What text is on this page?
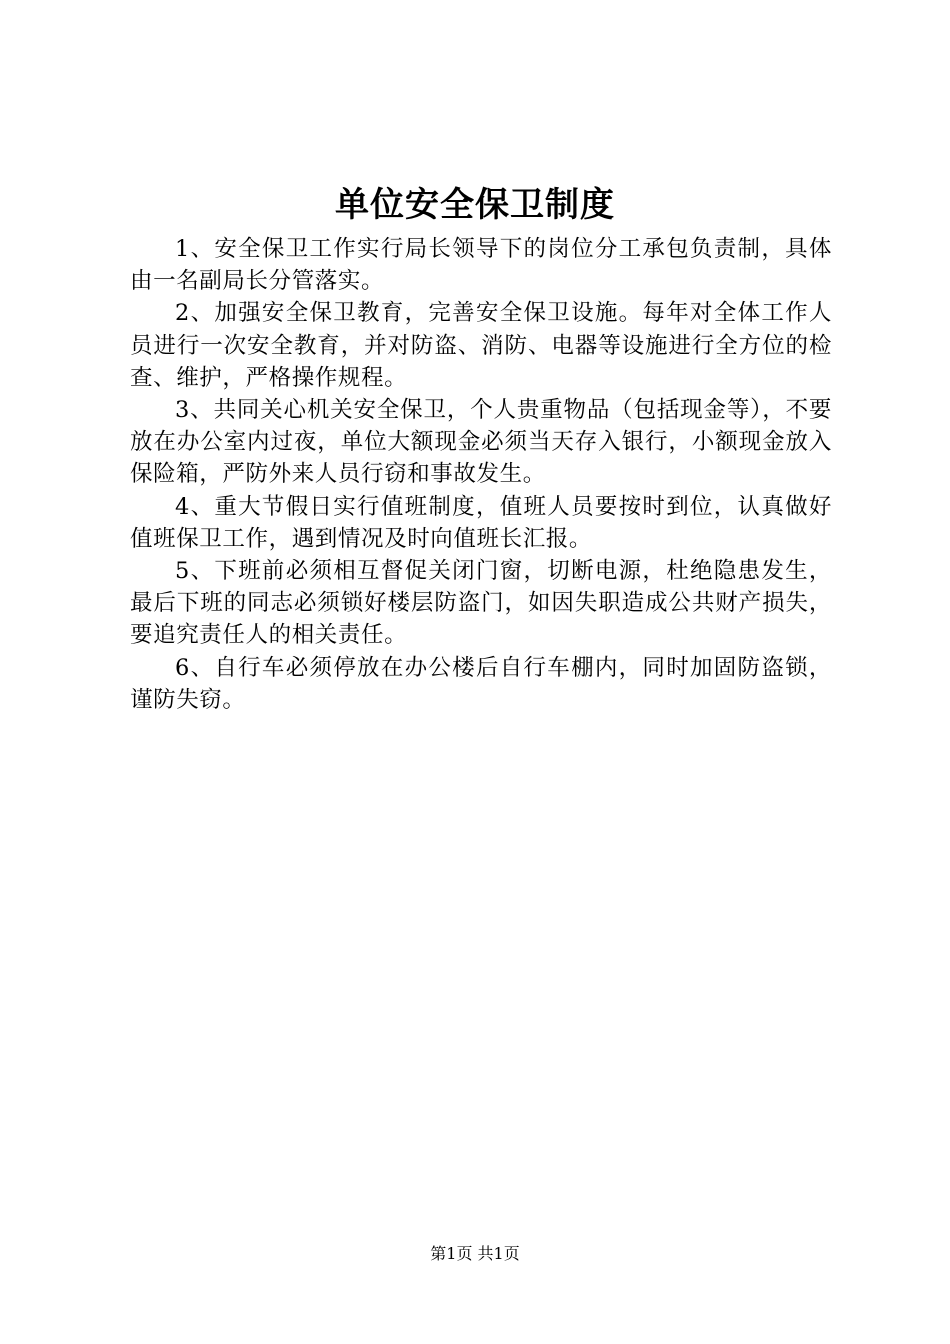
单位安全保卫制度

1、安全保卫工作实行局长领导下的岗位分工承包负责制，具体由一名副局长分管落实。

2、加强安全保卫教育，完善安全保卫设施。每年对全体工作人员进行一次安全教育，并对防盗、消防、电器等设施进行全方位的检查、维护，严格操作规程。

3、共同关心机关安全保卫，个人贵重物品（包括现金等），不要放在办公室内过夜，单位大额现金必须当天存入银行，小额现金放入保险箱，严防外来人员行窃和事故发生。

4、重大节假日实行值班制度，值班人员要按时到位，认真做好值班保卫工作，遇到情况及时向值班长汇报。

5、下班前必须相互督促关闭门窗，切断电源，杜绝隐患发生，最后下班的同志必须锁好楼层防盗门，如因失职造成公共财产损失，要追究责任人的相关责任。

6、自行车必须停放在办公楼后自行车棚内，同时加固防盗锁，谨防失窃。

第1页 共1页
